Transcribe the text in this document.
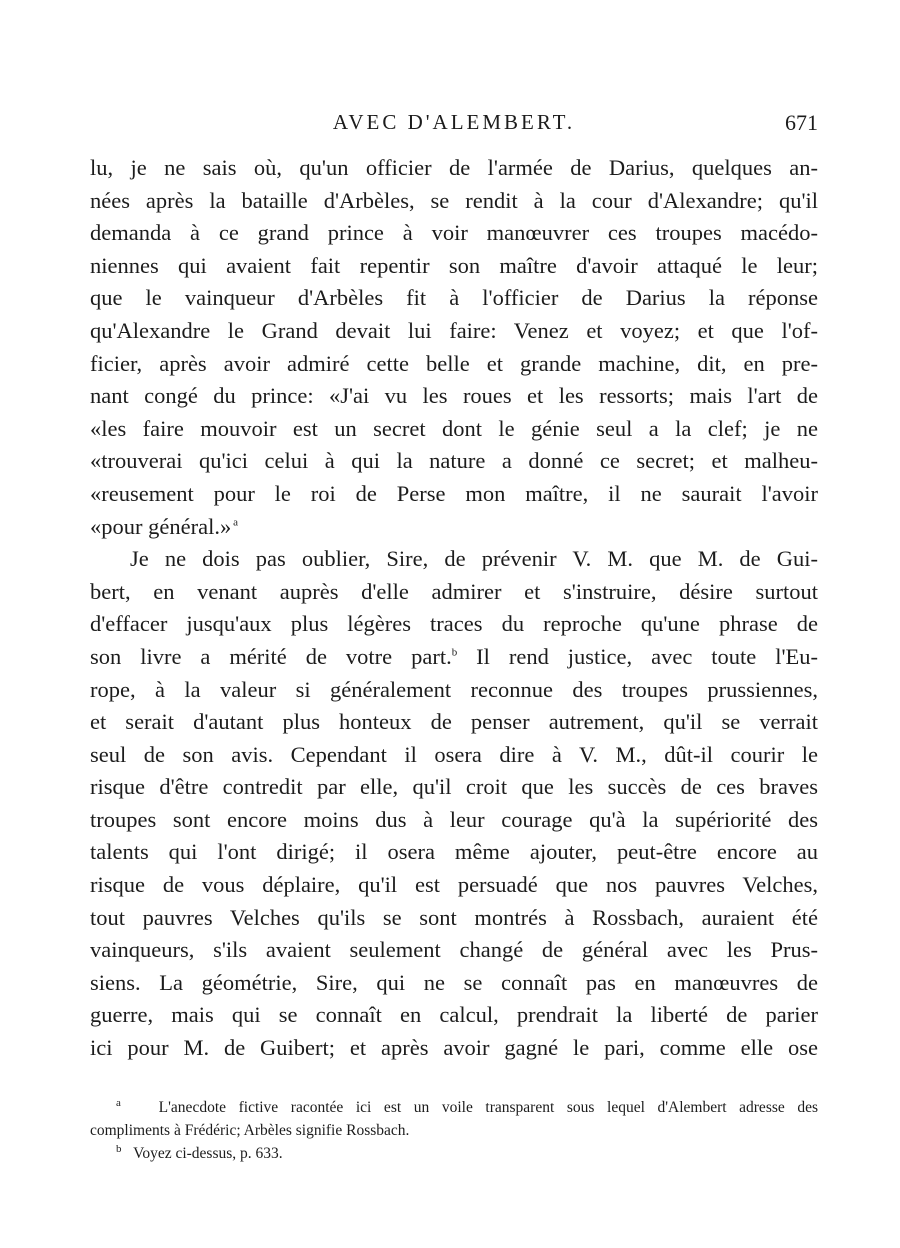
AVEC D'ALEMBERT.	671
lu, je ne sais où, qu'un officier de l'armée de Darius, quelques an-
nées après la bataille d'Arbèles, se rendit à la cour d'Alexandre; qu'il
demanda à ce grand prince à voir manœuvrer ces troupes macédo-
niennes qui avaient fait repentir son maître d'avoir attaqué le leur;
que le vainqueur d'Arbèles fit à l'officier de Darius la réponse
qu'Alexandre le Grand devait lui faire: Venez et voyez; et que l'of-
ficier, après avoir admiré cette belle et grande machine, dit, en pre-
nant congé du prince: «J'ai vu les roues et les ressorts; mais l'art de
«les faire mouvoir est un secret dont le génie seul a la clef; je ne
«trouverai qu'ici celui à qui la nature a donné ce secret; et malheu-
«reusement pour le roi de Perse mon maître, il ne saurait l'avoir
«pour général.»  $^a$
Je ne dois pas oublier, Sire, de prévenir V. M. que M. de Gui-
bert, en venant auprès d'elle admirer et s'instruire, désire surtout
d'effacer jusqu'aux plus légères traces du reproche qu'une phrase de
son livre a mérité de votre part.$^b$ Il rend justice, avec toute l'Eu-
rope, à la valeur si généralement reconnue des troupes prussiennes,
et serait d'autant plus honteux de penser autrement, qu'il se verrait
seul de son avis. Cependant il osera dire à V. M., dût-il courir le
risque d'être contredit par elle, qu'il croit que les succès de ces braves
troupes sont encore moins dus à leur courage qu'à la supériorité des
talents qui l'ont dirigé; il osera même ajouter, peut-être encore au
risque de vous déplaire, qu'il est persuadé que nos pauvres Velches,
tout pauvres Velches qu'ils se sont montrés à Rossbach, auraient été
vainqueurs, s'ils avaient seulement changé de général avec les Prus-
siens. La géométrie, Sire, qui ne se connaît pas en manœuvres de
guerre, mais qui se connaît en calcul, prendrait la liberté de parier
ici pour M. de Guibert; et après avoir gagné le pari, comme elle ose
$^a$ L'anecdote fictive racontée ici est un voile transparent sous lequel d'Alembert adresse des
compliments à Frédéric; Arbèles signifie Rossbach.
$^b$ Voyez ci-dessus, p. 633.
